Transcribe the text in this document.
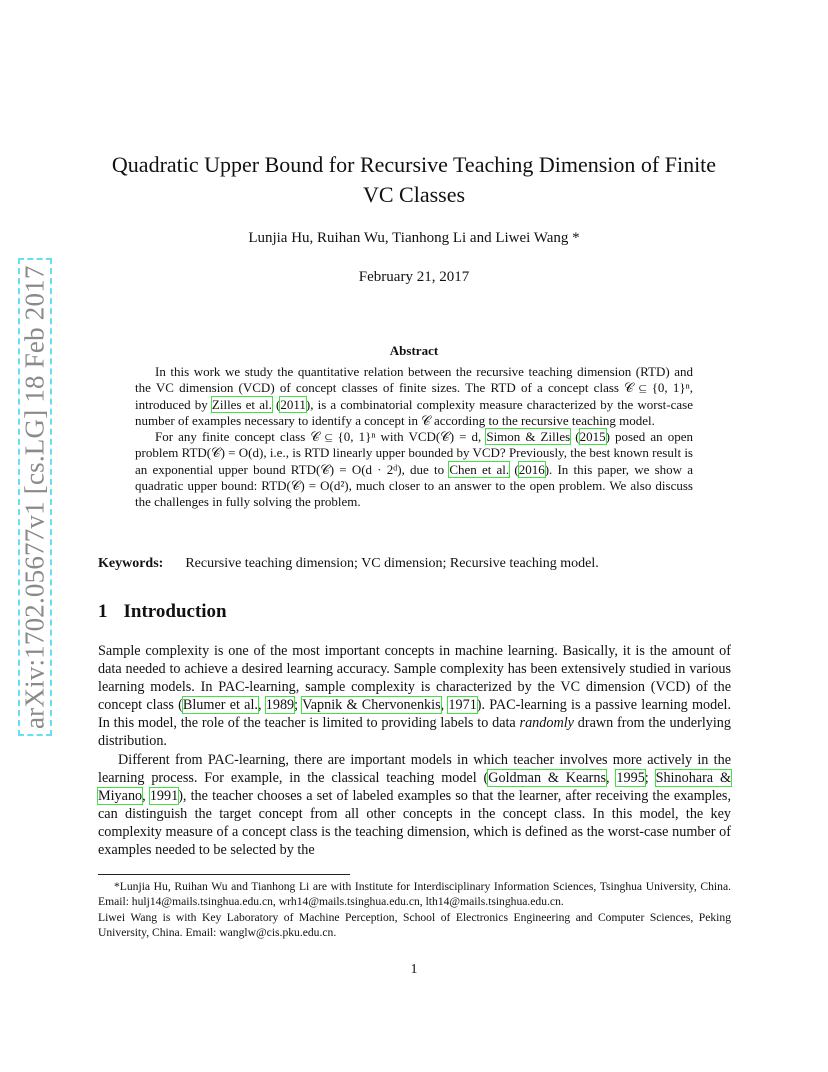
arXiv:1702.05677v1 [cs.LG] 18 Feb 2017
Quadratic Upper Bound for Recursive Teaching Dimension of Finite VC Classes
Lunjia Hu, Ruihan Wu, Tianhong Li and Liwei Wang *
February 21, 2017
Abstract

In this work we study the quantitative relation between the recursive teaching dimension (RTD) and the VC dimension (VCD) of concept classes of finite sizes. The RTD of a concept class 𝒞 ⊆ {0, 1}ⁿ, introduced by Zilles et al. (2011), is a combinatorial complexity measure characterized by the worst-case number of examples necessary to identify a concept in 𝒞 according to the recursive teaching model.

For any finite concept class 𝒞 ⊆ {0, 1}ⁿ with VCD(𝒞) = d, Simon & Zilles (2015) posed an open problem RTD(𝒞) = O(d), i.e., is RTD linearly upper bounded by VCD? Previously, the best known result is an exponential upper bound RTD(𝒞) = O(d · 2ᵈ), due to Chen et al. (2016). In this paper, we show a quadratic upper bound: RTD(𝒞) = O(d²), much closer to an answer to the open problem. We also discuss the challenges in fully solving the problem.

Keywords: Recursive teaching dimension; VC dimension; Recursive teaching model.
1 Introduction

Sample complexity is one of the most important concepts in machine learning. Basically, it is the amount of data needed to achieve a desired learning accuracy. Sample complexity has been extensively studied in various learning models. In PAC-learning, sample complexity is characterized by the VC dimension (VCD) of the concept class (Blumer et al., 1989; Vapnik & Chervonenkis, 1971). PAC-learning is a passive learning model. In this model, the role of the teacher is limited to providing labels to data randomly drawn from the underlying distribution.

Different from PAC-learning, there are important models in which teacher involves more actively in the learning process. For example, in the classical teaching model (Goldman & Kearns, 1995; Shinohara & Miyano, 1991), the teacher chooses a set of labeled examples so that the learner, after receiving the examples, can distinguish the target concept from all other concepts in the concept class. In this model, the key complexity measure of a concept class is the teaching dimension, which is defined as the worst-case number of examples needed to be selected by the

*Lunjia Hu, Ruihan Wu and Tianhong Li are with Institute for Interdisciplinary Information Sciences, Tsinghua University, China. Email: hulj14@mails.tsinghua.edu.cn, wrh14@mails.tsinghua.edu.cn, lth14@mails.tsinghua.edu.cn.

Liwei Wang is with Key Laboratory of Machine Perception, School of Electronics Engineering and Computer Sciences, Peking University, China. Email: wanglw@cis.pku.edu.cn.

1
